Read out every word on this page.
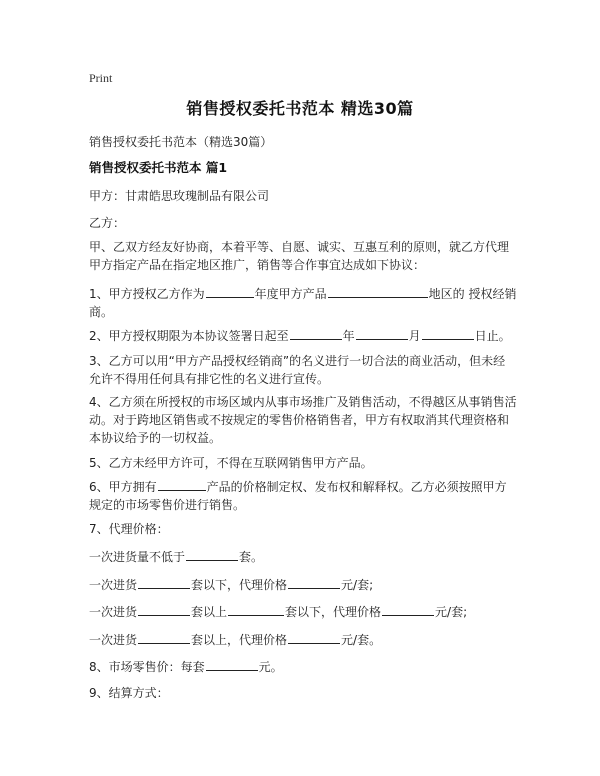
Print
销售授权委托书范本 精选30篇
销售授权委托书范本（精选30篇）
销售授权委托书范本 篇1
甲方：甘肃皓思玫瑰制品有限公司
乙方：
甲、乙双方经友好协商，本着平等、自愿、诚实、互惠互利的原则，就乙方代理甲方指定产品在指定地区推广，销售等合作事宜达成如下协议：
1、甲方授权乙方作为	年度甲方产品	地区的 授权经销
商。
2、甲方授权期限为本协议签署日起至	年	月	日止。
3、乙方可以用“甲方产品授权经销商”的名义进行一切合法的商业活动，但未经允许不得用任何具有排它性的名义进行宣传。
4、乙方须在所授权的市场区域内从事市场推广及销售活动，不得越区从事销售活动。对于跨地区销售或不按规定的零售价格销售者，甲方有权取消其代理资格和本协议给予的一切权益。
5、乙方未经甲方许可，不得在互联网销售甲方产品。
6、甲方拥有	产品的价格制定权、发布权和解释权。乙方必须按照甲方规定的市场零售价进行销售。
7、代理价格：
一次进货量不低于	套。
一次进货	套以下，代理价格	元/套;
一次进货	套以上	套以下，代理价格	元/套;
一次进货	套以上，代理价格	元/套。
8、市场零售价：每套	元。
9、结算方式：
